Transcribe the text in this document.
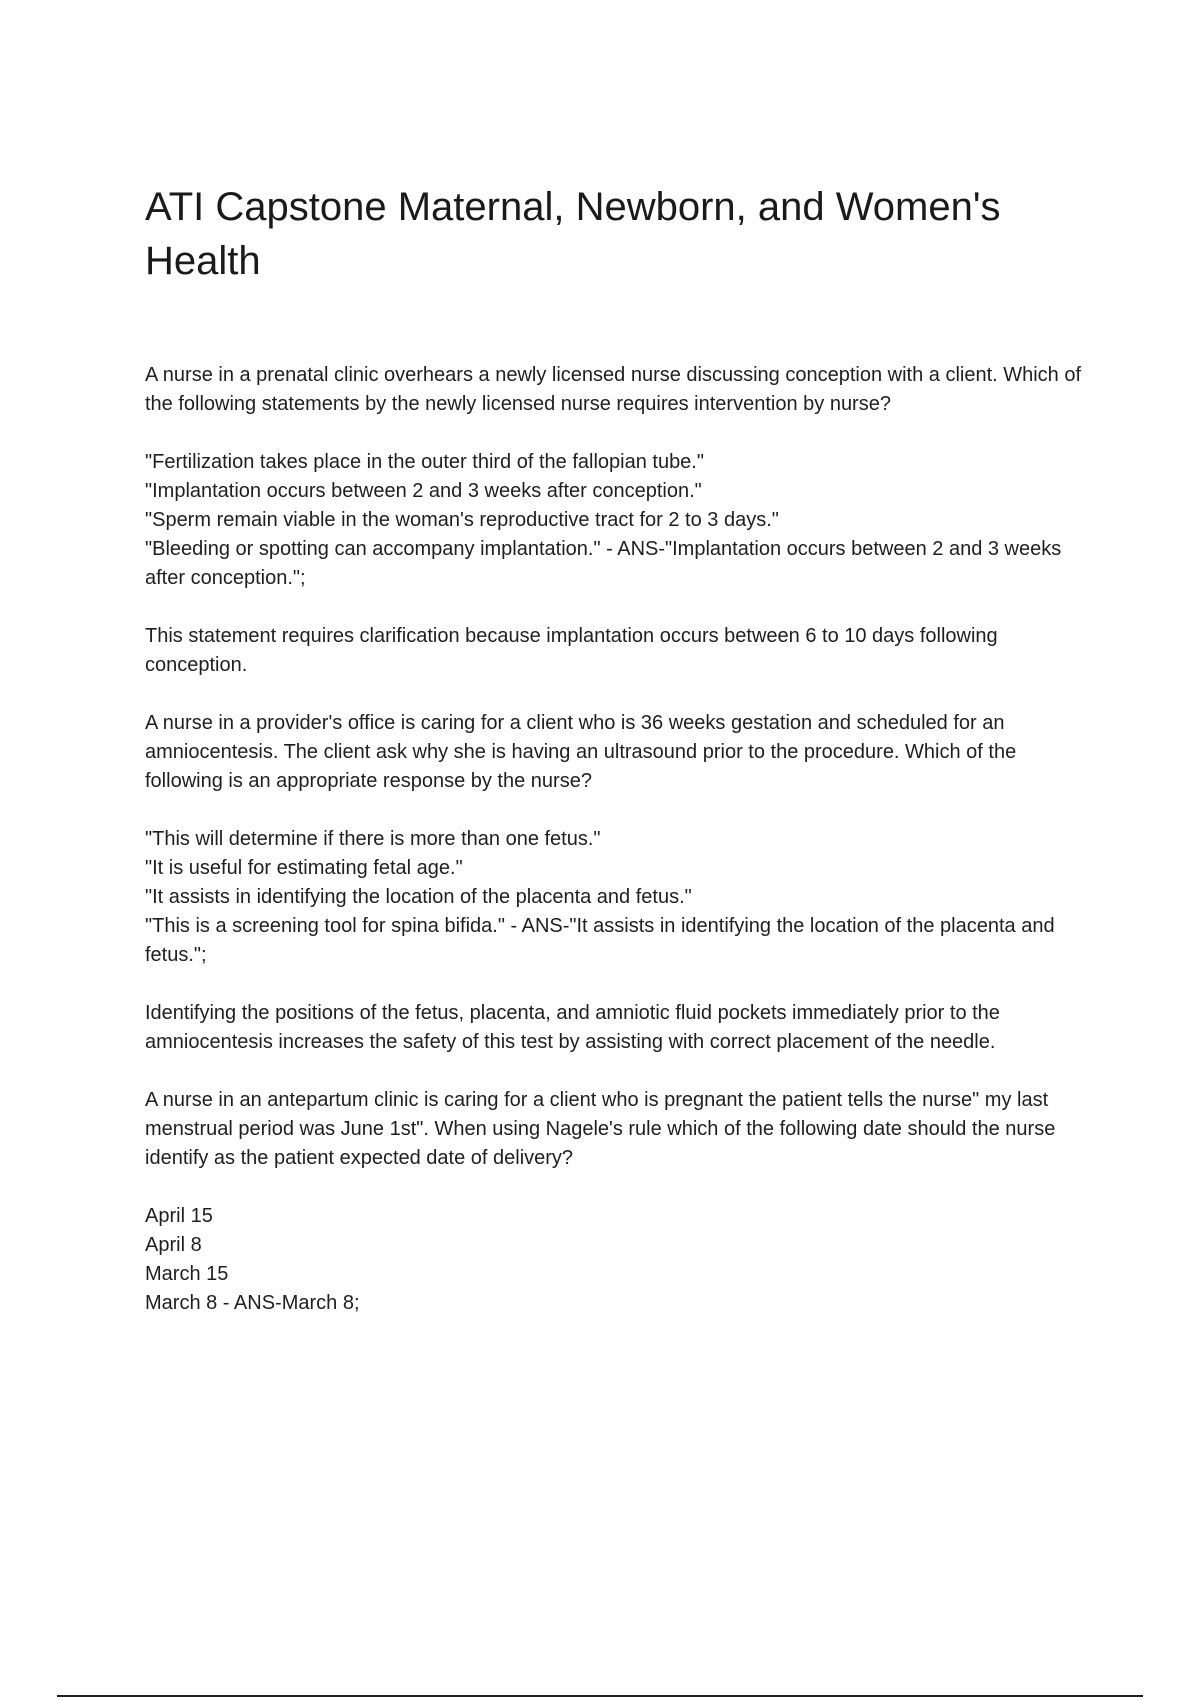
ATI Capstone Maternal, Newborn, and Women's Health

A nurse in a prenatal clinic overhears a newly licensed nurse discussing conception with a client. Which of the following statements by the newly licensed nurse requires intervention by nurse?

"Fertilization takes place in the outer third of the fallopian tube."
"Implantation occurs between 2 and 3 weeks after conception."
"Sperm remain viable in the woman's reproductive tract for 2 to 3 days."
"Bleeding or spotting can accompany implantation." - ANS-"Implantation occurs between 2 and 3 weeks after conception.";

This statement requires clarification because implantation occurs between 6 to 10 days following conception.

A nurse in a provider's office is caring for a client who is 36 weeks gestation and scheduled for an amniocentesis. The client ask why she is having an ultrasound prior to the procedure. Which of the following is an appropriate response by the nurse?

"This will determine if there is more than one fetus."
"It is useful for estimating fetal age."
"It assists in identifying the location of the placenta and fetus."
"This is a screening tool for spina bifida." - ANS-"It assists in identifying the location of the placenta and fetus.";

Identifying the positions of the fetus, placenta, and amniotic fluid pockets immediately prior to the amniocentesis increases the safety of this test by assisting with correct placement of the needle.

A nurse in an antepartum clinic is caring for a client who is pregnant the patient tells the nurse" my last menstrual period was June 1st". When using Nagele's rule which of the following date should the nurse identify as the patient expected date of delivery?

April 15
April 8
March 15
March 8 - ANS-March 8;
